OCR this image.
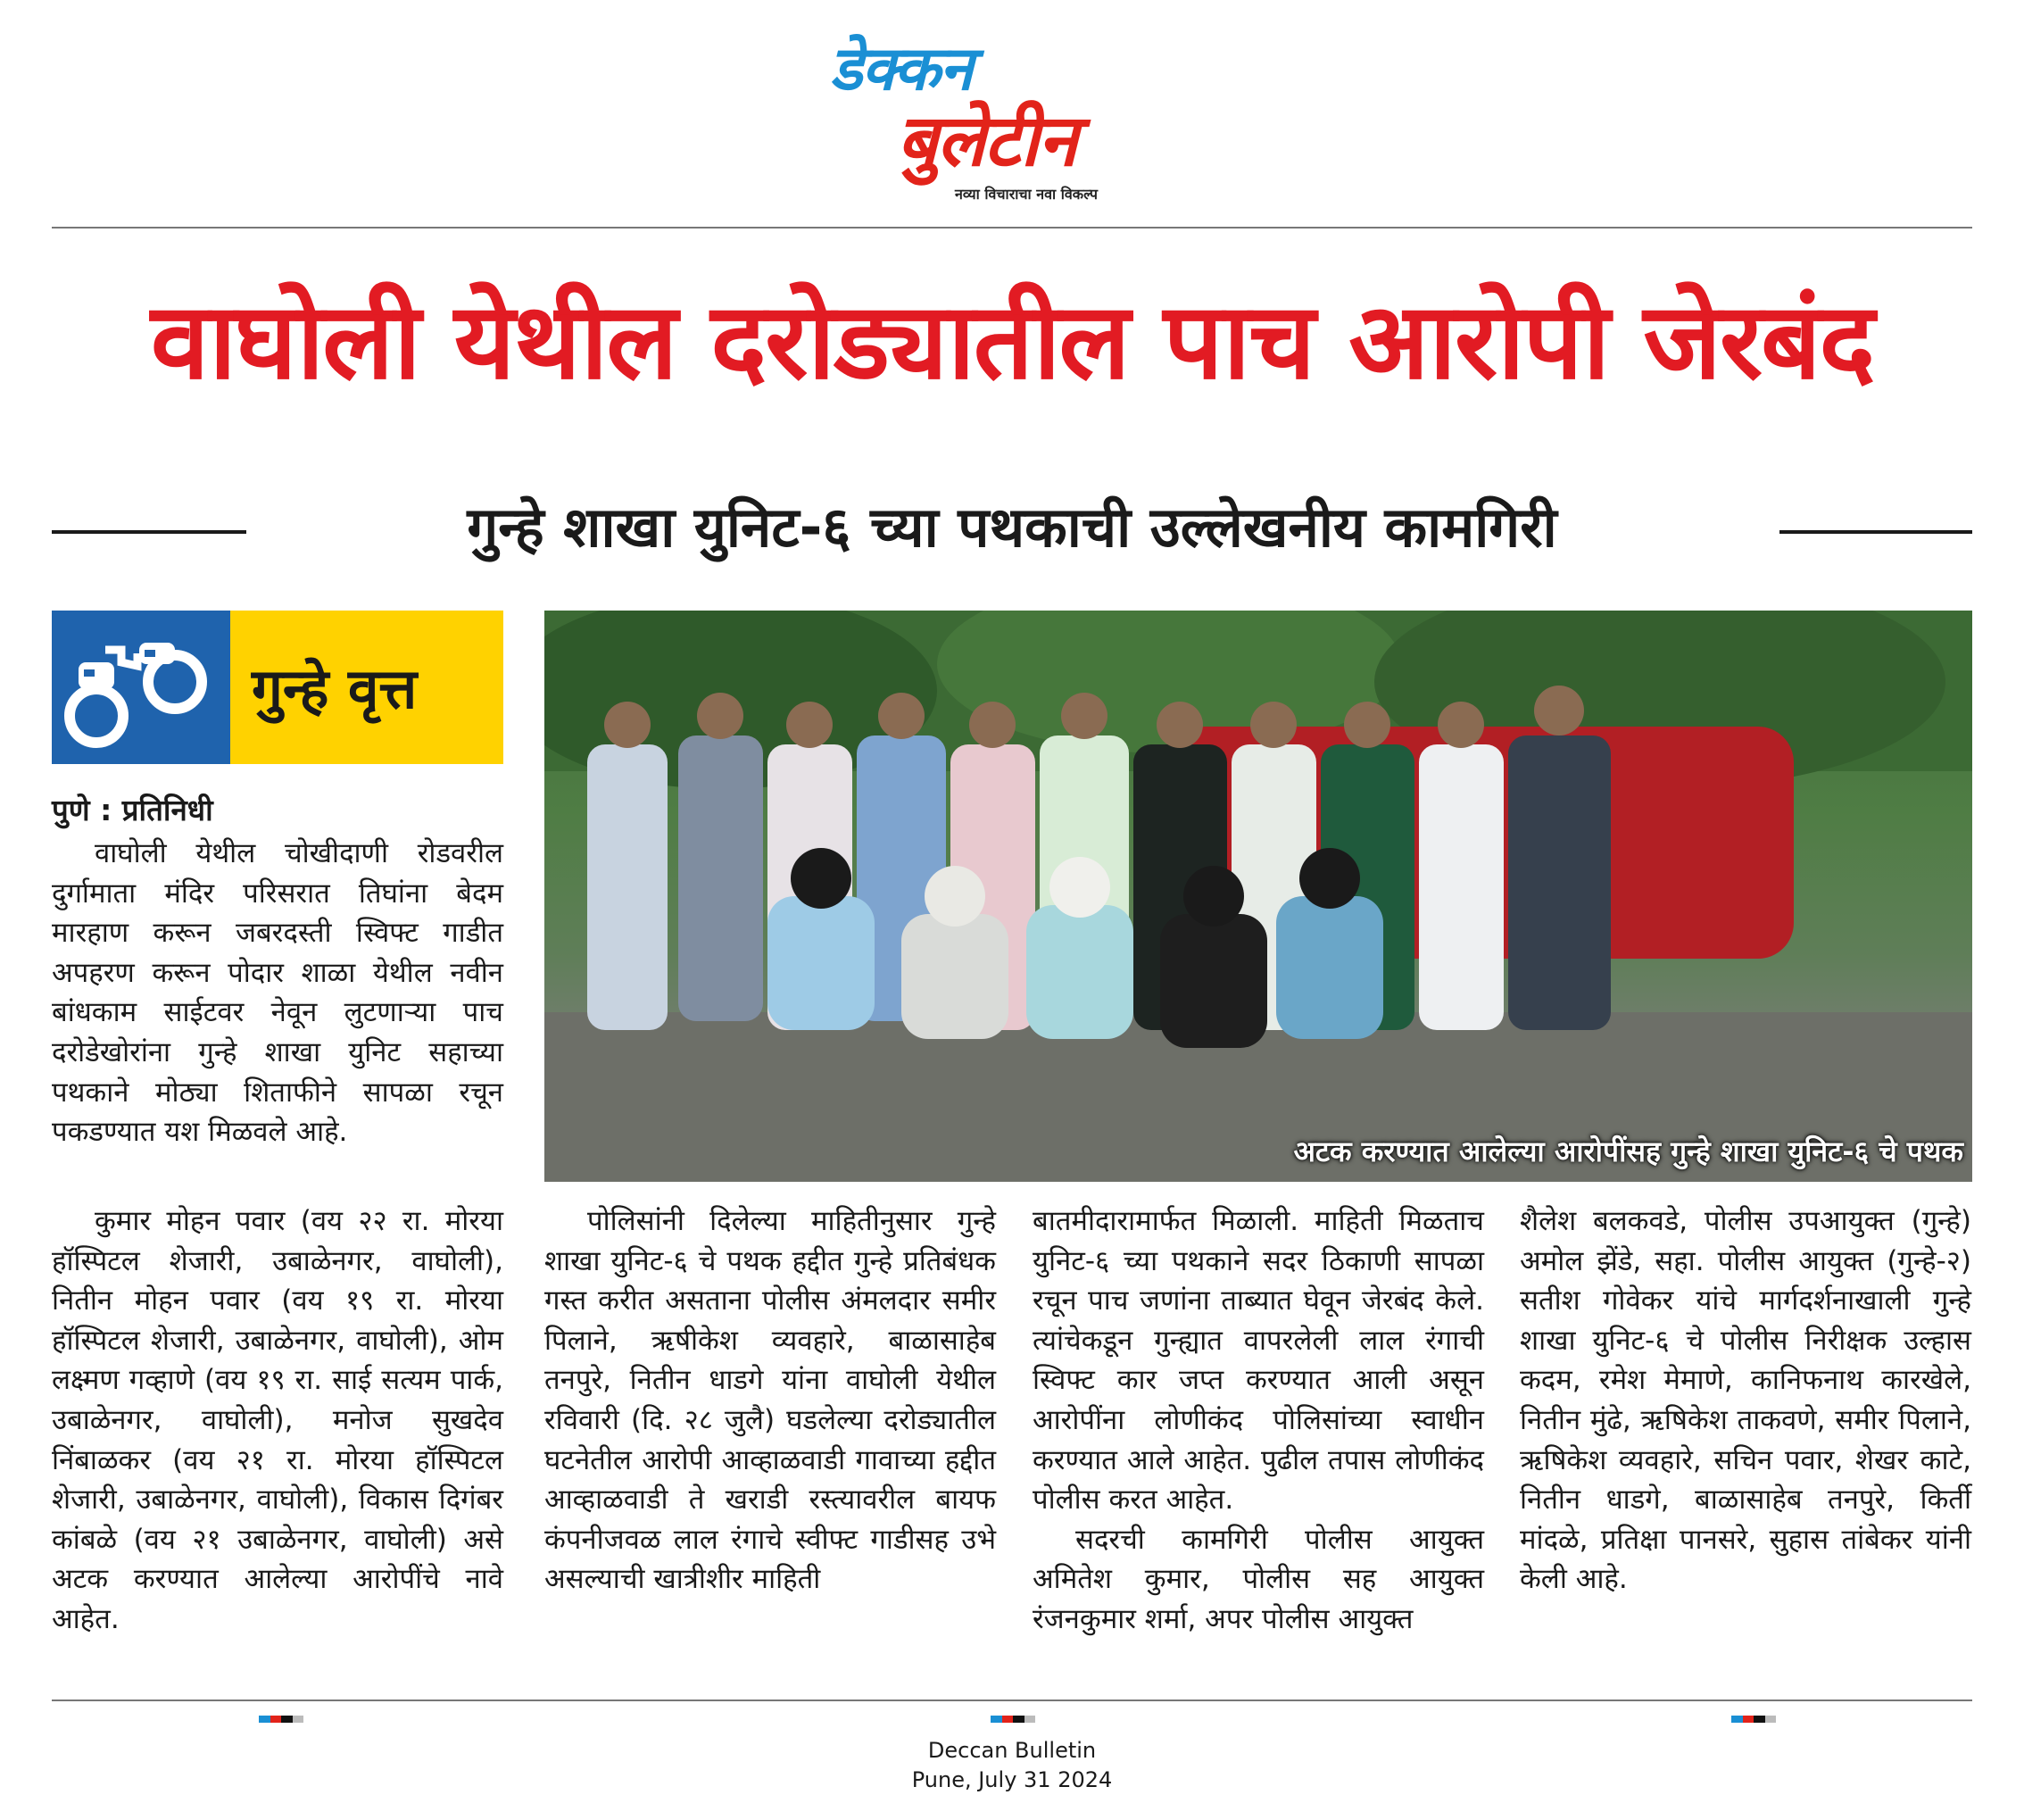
डेक्कन
बुलेटीन
नव्या विचाराचा नवा विकल्प
वाघोली येथील दरोड्यातील पाच आरोपी जेरबंद
गुन्हे शाखा युनिट-६ च्या पथकाची उल्लेखनीय कामगिरी
गुन्हे वृत्त
अटक करण्यात आलेल्या आरोपींसह गुन्हे शाखा युनिट-६ चे पथक
पुणे : प्रतिनिधी

वाघोली येथील चोखीदाणी रोडवरील दुर्गामाता मंदिर परिसरात तिघांना बेदम मारहाण करून जबरदस्ती स्विफ्ट गाडीत अपहरण करून पोदार शाळा येथील नवीन बांधकाम साईटवर नेवून लुटणाऱ्या पाच दरोडेखोरांना गुन्हे शाखा युनिट सहाच्या पथकाने मोठ्या शिताफीने सापळा रचून पकडण्यात यश मिळवले आहे.

कुमार मोहन पवार (वय २२ रा. मोरया हॉस्पिटल शेजारी, उबाळेनगर, वाघोली), नितीन मोहन पवार (वय १९ रा. मोरया हॉस्पिटल शेजारी, उबाळेनगर, वाघोली), ओम लक्ष्मण गव्हाणे (वय १९ रा. साई सत्यम पार्क, उबाळेनगर, वाघोली), मनोज सुखदेव निंबाळकर (वय २१ रा. मोरया हॉस्पिटल शेजारी, उबाळेनगर, वाघोली), विकास दिगंबर कांबळे (वय २१ उबाळेनगर, वाघोली) असे अटक करण्यात आलेल्या आरोपींचे नावे आहेत.

पोलिसांनी दिलेल्या माहितीनुसार गुन्हे शाखा युनिट-६ चे पथक हद्दीत गुन्हे प्रतिबंधक गस्त करीत असताना पोलीस अंमलदार समीर पिलाने, ऋषीकेश व्यवहारे, बाळासाहेब तनपुरे, नितीन धाडगे यांना वाघोली येथील रविवारी (दि. २८ जुलै) घडलेल्या दरोड्यातील घटनेतील आरोपी आव्हाळवाडी गावाच्या हद्दीत आव्हाळवाडी ते खराडी रस्त्यावरील बायफ कंपनीजवळ लाल रंगाचे स्वीफ्ट गाडीसह उभे असल्याची खात्रीशीर माहिती

बातमीदारामार्फत मिळाली. माहिती मिळताच युनिट-६ च्या पथकाने सदर ठिकाणी सापळा रचून पाच जणांना ताब्यात घेवून जेरबंद केले. त्यांचेकडून गुन्ह्यात वापरलेली लाल रंगाची स्विफ्ट कार जप्त करण्यात आली असून आरोपींना लोणीकंद पोलिसांच्या स्वाधीन करण्यात आले आहेत. पुढील तपास लोणीकंद पोलीस करत आहेत.

सदरची कामगिरी पोलीस आयुक्त अमितेश कुमार, पोलीस सह आयुक्त रंजनकुमार शर्मा, अपर पोलीस आयुक्त

शैलेश बलकवडे, पोलीस उपआयुक्त (गुन्हे) अमोल झेंडे, सहा. पोलीस आयुक्त (गुन्हे-२) सतीश गोवेकर यांचे मार्गदर्शनाखाली गुन्हे शाखा युनिट-६ चे पोलीस निरीक्षक उल्हास कदम, रमेश मेमाणे, कानिफनाथ कारखेले, नितीन मुंढे, ऋषिकेश ताकवणे, समीर पिलाने, ऋषिकेश व्यवहारे, सचिन पवार, शेखर काटे, नितीन धाडगे, बाळासाहेब तनपुरे, किर्ती मांदळे, प्रतिक्षा पानसरे, सुहास तांबेकर यांनी केली आहे.

Deccan Bulletin
Pune, July 31 2024
